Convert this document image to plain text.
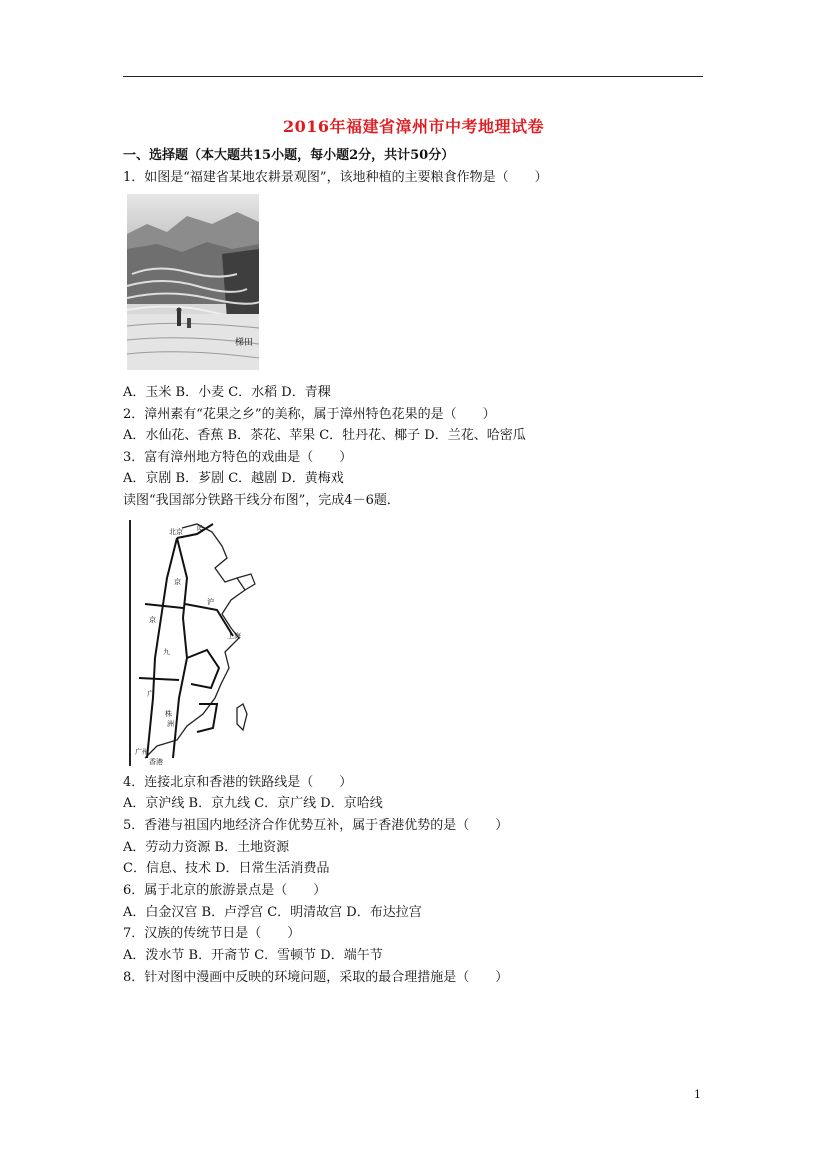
2016年福建省漳州市中考地理试卷
一、选择题（本大题共15小题，每小题2分，共计50分）
1．如图是“福建省某地农耕景观图”，该地种植的主要粮食作物是（　　）
梯田
A．玉米 B．小麦 C．水稻 D．青稞
2．漳州素有“花果之乡”的美称，属于漳州特色花果的是（　　）
A．水仙花、香蕉 B．茶花、苹果 C．牡丹花、椰子 D．兰花、哈密瓜
3．富有漳州地方特色的戏曲是（　　）
A．京剧 B．芗剧 C．越剧 D．黄梅戏
读图“我国部分铁路干线分布图”，完成4－6题．
北京 哈
京
沪
京
九
上海
广
株
洲
广州
香港
4．连接北京和香港的铁路线是（　　）
A．京沪线 B．京九线 C．京广线 D．京哈线
5．香港与祖国内地经济合作优势互补，属于香港优势的是（　　）
A．劳动力资源 B．土地资源
C．信息、技术 D．日常生活消费品
6．属于北京的旅游景点是（　　）
A．白金汉宫 B．卢浮宫 C．明清故宫 D．布达拉宫
7．汉族的传统节日是（　　）
A．泼水节 B．开斋节 C．雪顿节 D．端午节
8．针对图中漫画中反映的环境问题，采取的最合理措施是（　　）
1
